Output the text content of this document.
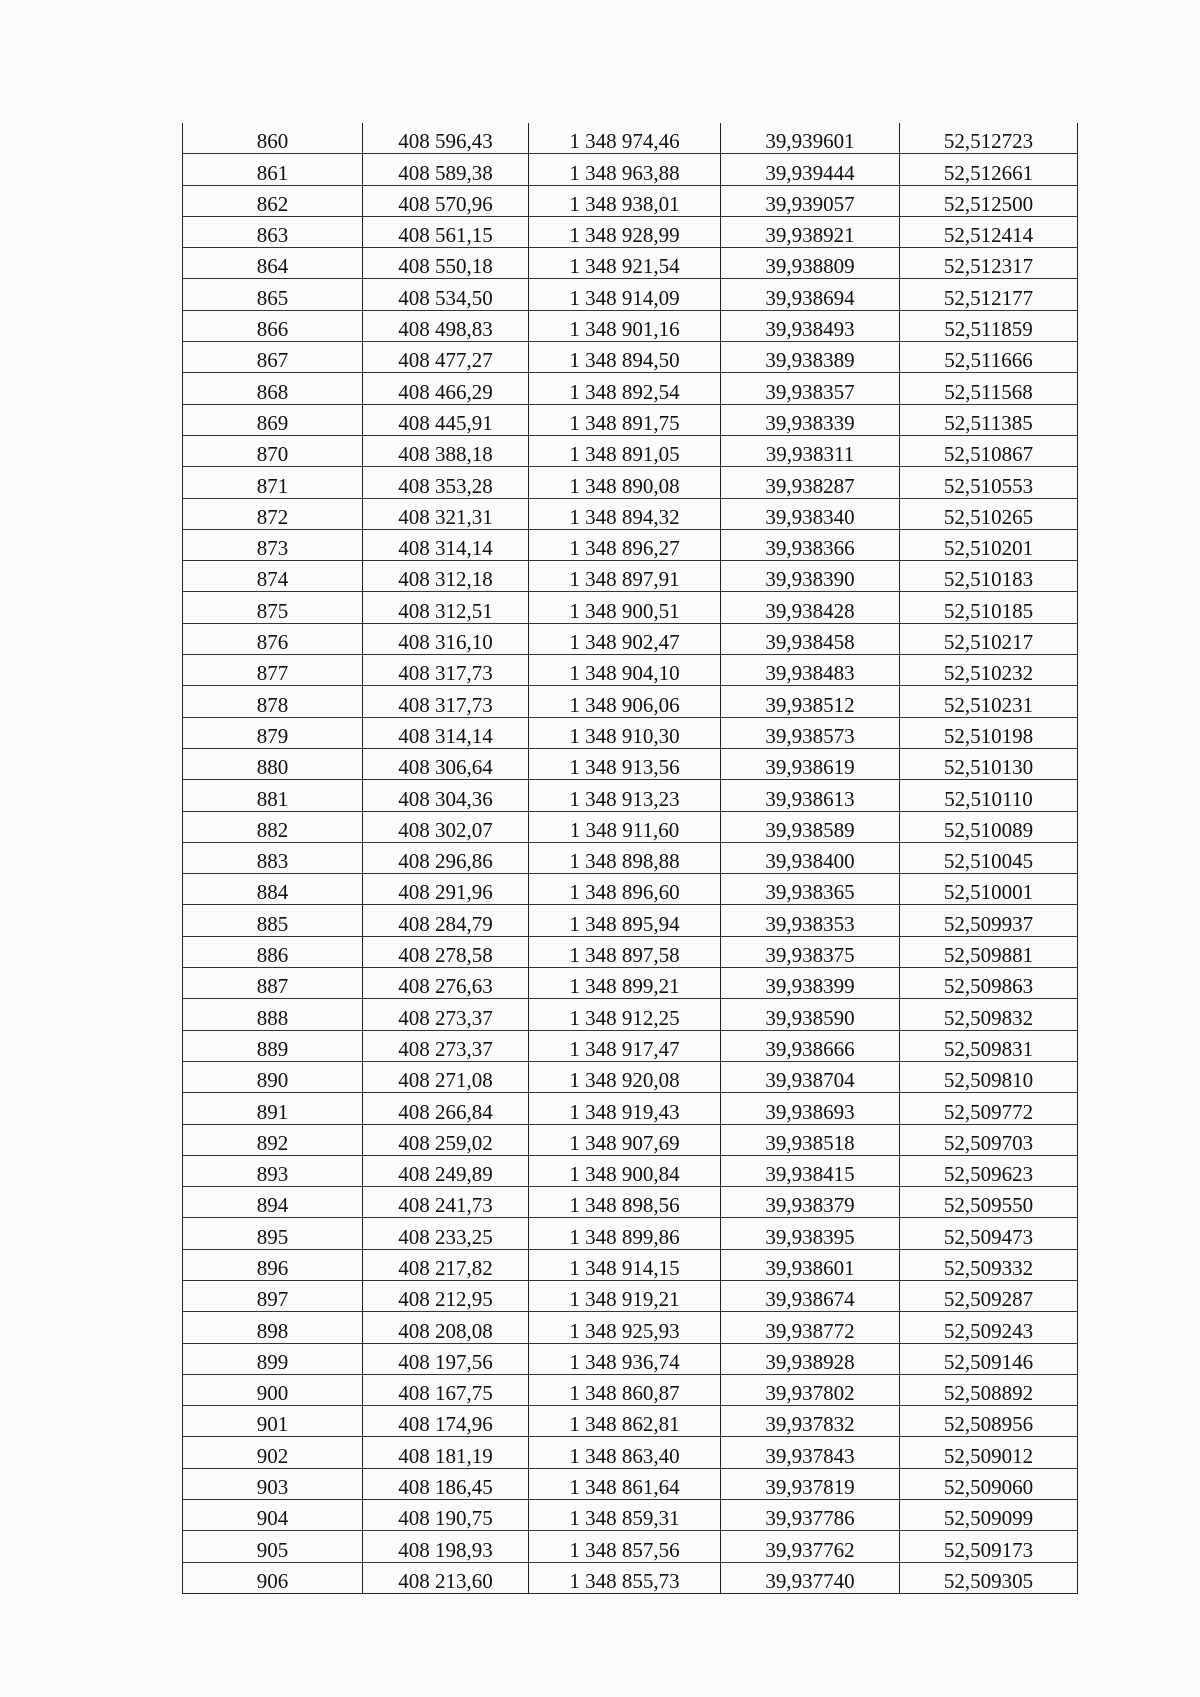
860	408 596,43	1 348 974,46	39,939601	52,512723
861	408 589,38	1 348 963,88	39,939444	52,512661
862	408 570,96	1 348 938,01	39,939057	52,512500
863	408 561,15	1 348 928,99	39,938921	52,512414
864	408 550,18	1 348 921,54	39,938809	52,512317
865	408 534,50	1 348 914,09	39,938694	52,512177
866	408 498,83	1 348 901,16	39,938493	52,511859
867	408 477,27	1 348 894,50	39,938389	52,511666
868	408 466,29	1 348 892,54	39,938357	52,511568
869	408 445,91	1 348 891,75	39,938339	52,511385
870	408 388,18	1 348 891,05	39,938311	52,510867
871	408 353,28	1 348 890,08	39,938287	52,510553
872	408 321,31	1 348 894,32	39,938340	52,510265
873	408 314,14	1 348 896,27	39,938366	52,510201
874	408 312,18	1 348 897,91	39,938390	52,510183
875	408 312,51	1 348 900,51	39,938428	52,510185
876	408 316,10	1 348 902,47	39,938458	52,510217
877	408 317,73	1 348 904,10	39,938483	52,510232
878	408 317,73	1 348 906,06	39,938512	52,510231
879	408 314,14	1 348 910,30	39,938573	52,510198
880	408 306,64	1 348 913,56	39,938619	52,510130
881	408 304,36	1 348 913,23	39,938613	52,510110
882	408 302,07	1 348 911,60	39,938589	52,510089
883	408 296,86	1 348 898,88	39,938400	52,510045
884	408 291,96	1 348 896,60	39,938365	52,510001
885	408 284,79	1 348 895,94	39,938353	52,509937
886	408 278,58	1 348 897,58	39,938375	52,509881
887	408 276,63	1 348 899,21	39,938399	52,509863
888	408 273,37	1 348 912,25	39,938590	52,509832
889	408 273,37	1 348 917,47	39,938666	52,509831
890	408 271,08	1 348 920,08	39,938704	52,509810
891	408 266,84	1 348 919,43	39,938693	52,509772
892	408 259,02	1 348 907,69	39,938518	52,509703
893	408 249,89	1 348 900,84	39,938415	52,509623
894	408 241,73	1 348 898,56	39,938379	52,509550
895	408 233,25	1 348 899,86	39,938395	52,509473
896	408 217,82	1 348 914,15	39,938601	52,509332
897	408 212,95	1 348 919,21	39,938674	52,509287
898	408 208,08	1 348 925,93	39,938772	52,509243
899	408 197,56	1 348 936,74	39,938928	52,509146
900	408 167,75	1 348 860,87	39,937802	52,508892
901	408 174,96	1 348 862,81	39,937832	52,508956
902	408 181,19	1 348 863,40	39,937843	52,509012
903	408 186,45	1 348 861,64	39,937819	52,509060
904	408 190,75	1 348 859,31	39,937786	52,509099
905	408 198,93	1 348 857,56	39,937762	52,509173
906	408 213,60	1 348 855,73	39,937740	52,509305
